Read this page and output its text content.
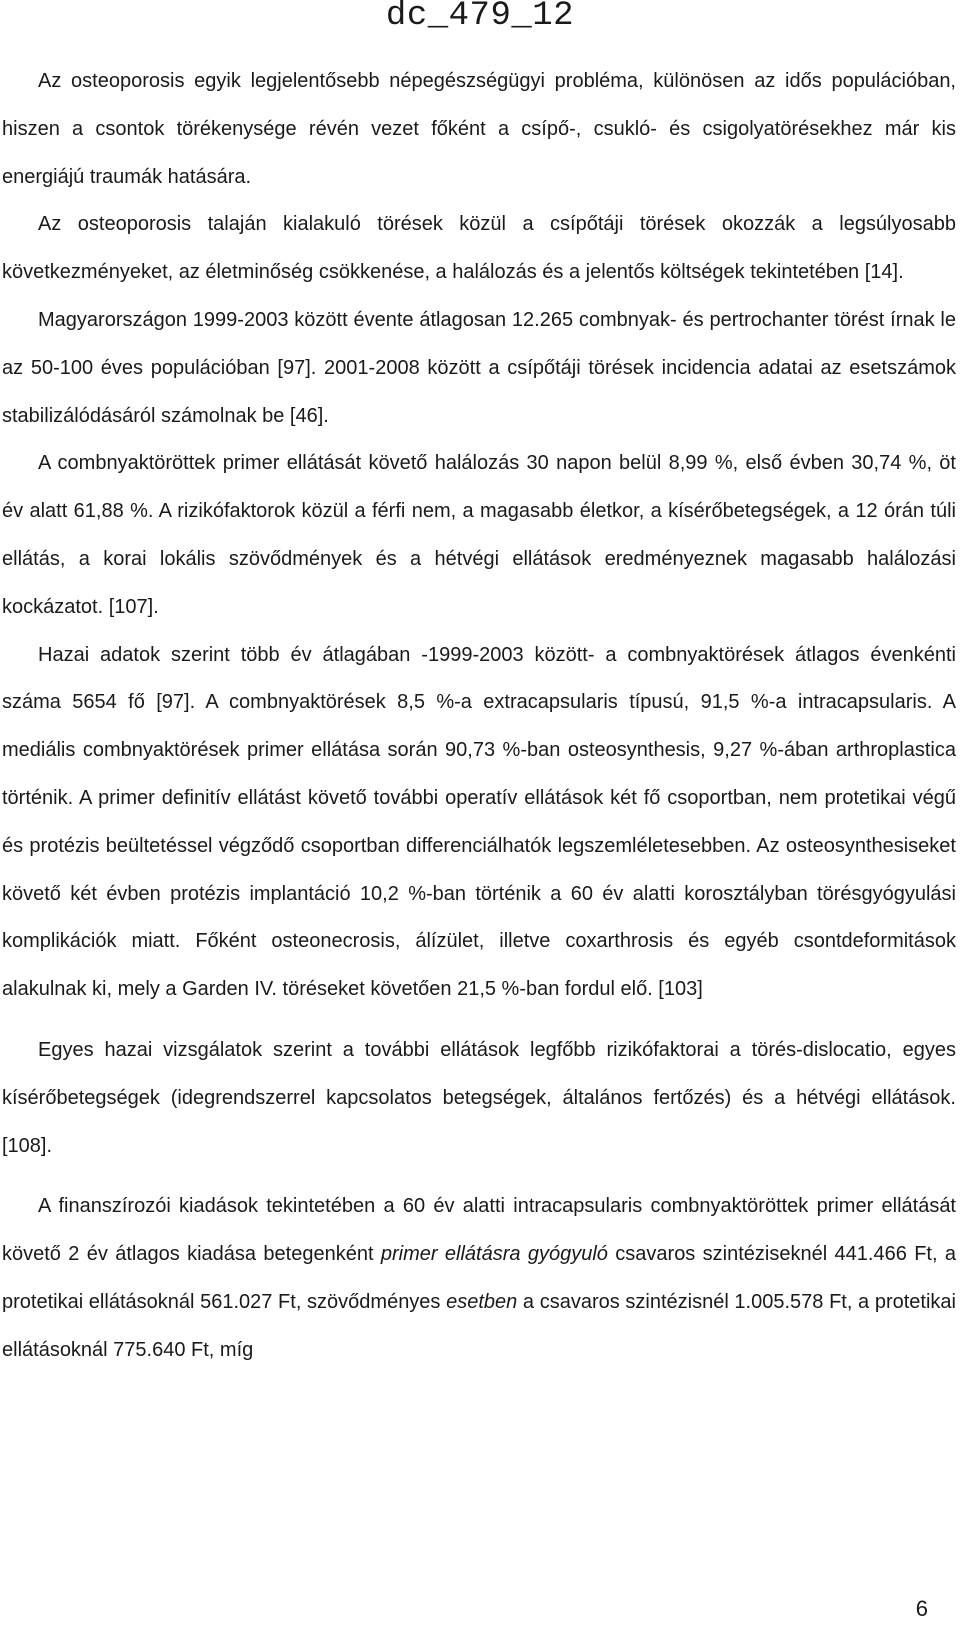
dc_479_12

Az osteoporosis egyik legjelentősebb népegészségügyi probléma, különösen az idős populációban, hiszen a csontok törékenysége révén vezet főként a csípő-, csukló- és csigolyatörésekhez már kis energiájú traumák hatására.

Az osteoporosis talaján kialakuló törések közül a csípőtáji törések okozzák a legsúlyosabb következményeket, az életminőség csökkenése, a halálozás és a jelentős költségek tekintetében [14].

Magyarországon 1999-2003 között évente átlagosan 12.265 combnyak- és pertrochanter törést írnak le az 50-100 éves populációban [97]. 2001-2008 között a csípőtáji törések incidencia adatai az esetszámok stabilizálódásáról számolnak be [46].

A combnyaktöröttek primer ellátását követő halálozás 30 napon belül 8,99 %, első évben 30,74 %, öt év alatt 61,88 %. A rizikófaktorok közül a férfi nem, a magasabb életkor, a kísérőbetegségek, a 12 órán túli ellátás, a korai lokális szövődmények és a hétvégi ellátások eredményeznek magasabb halálozási kockázatot. [107].

Hazai adatok szerint több év átlagában -1999-2003 között- a combnyaktörések átlagos évenkénti száma 5654 fő [97]. A combnyaktörések 8,5 %-a extracapsularis típusú, 91,5 %-a intracapsularis. A mediális combnyaktörések primer ellátása során 90,73 %-ban osteosynthesis, 9,27 %-ában arthroplastica történik. A primer definitív ellátást követő további operatív ellátások két fő csoportban, nem protetikai végű és protézis beültetéssel végződő csoportban differenciálhatók legszemléletesebben. Az osteosynthesiseket követő két évben protézis implantáció 10,2 %-ban történik a 60 év alatti korosztályban törésgyógyulási komplikációk miatt. Főként osteonecrosis, álízület, illetve coxarthrosis és egyéb csontdeformitások alakulnak ki, mely a Garden IV. töréseket követően 21,5 %-ban fordul elő. [103]

Egyes hazai vizsgálatok szerint a további ellátások legfőbb rizikófaktorai a törés-dislocatio, egyes kísérőbetegségek (idegrendszerrel kapcsolatos betegségek, általános fertőzés) és a hétvégi ellátások.[108].

A finanszírozói kiadások tekintetében a 60 év alatti intracapsularis combnyaktöröttek primer ellátását követő 2 év átlagos kiadása betegenként primer ellátásra gyógyuló csavaros szintéziseknél 441.466 Ft, a protetikai ellátásoknál 561.027 Ft, szövődményes esetben a csavaros szintézisnél 1.005.578 Ft, a protetikai ellátásoknál 775.640 Ft, míg

6
